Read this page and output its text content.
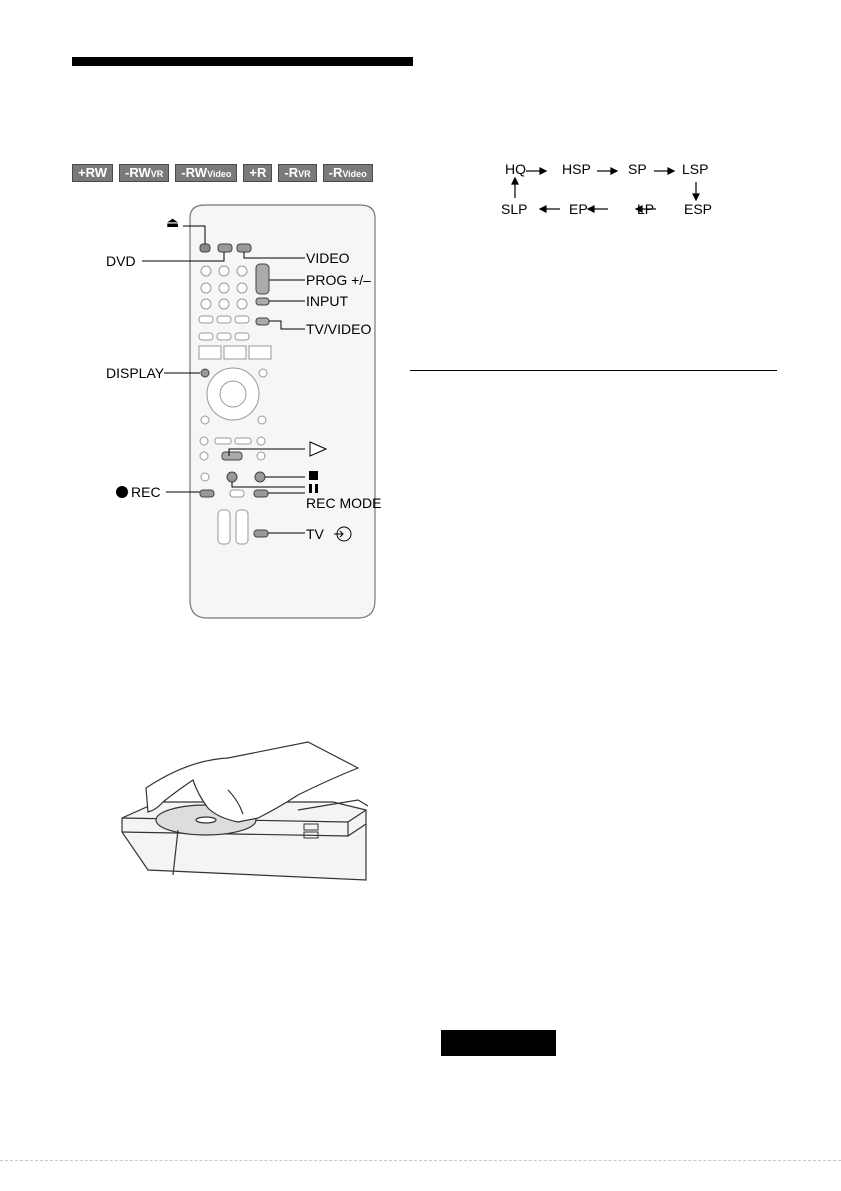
+RW -RW VR -RW Video +R -R VR -R Video
⏏
DVD	VIDEO
PROG +/–
INPUT
TV/VIDEO
DISPLAY
REC
REC MODE
TV
HQ	HSP	SP	LSP
SLP	EP	LP ESP
